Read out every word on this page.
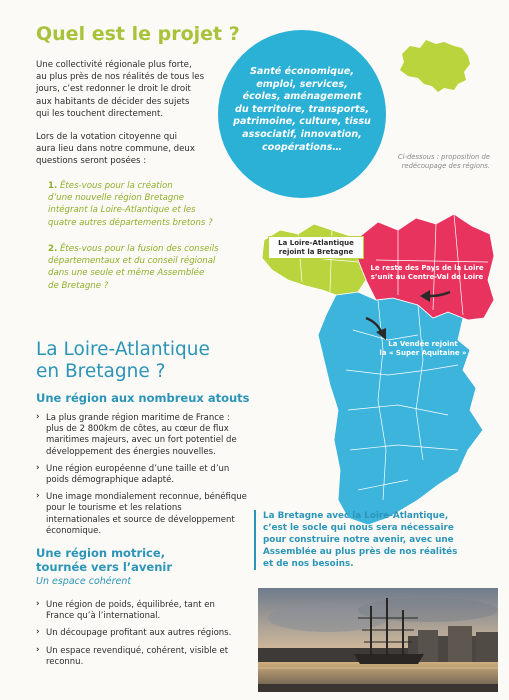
Quel est le projet ?
Une collectivité régionale plus forte,
au plus près de nos réalités de tous les
jours, c’est redonner le droit le droit
aux habitants de décider des sujets
qui les touchent directement.
Lors de la votation citoyenne qui
aura lieu dans notre commune, deux
questions seront posées :
1. Êtes-vous pour la création
d’une nouvelle région Bretagne
intégrant la Loire-Atlantique et les
quatre autres départements bretons ?
2. Êtes-vous pour la fusion des conseils
départementaux et du conseil régional
dans une seule et même Assemblée
de Bretagne ?
Santé économique,
emploi, services,
écoles, aménagement
du territoire, transports,
patrimoine, culture, tissu
associatif, innovation,
coopérations…
Ci-dessous : proposition de
redécoupage des régions.
La Loire-Atlantique
rejoint la Bretagne
Le reste des Pays de la Loire
s’unit au Centre-Val de Loire
La Vendée rejoint
la « Super Aquitaine »
La Loire-Atlantique
en Bretagne ?
Une région aux nombreux atouts
› La plus grande région maritime de France : plus de 2 800km de côtes, au cœur de flux maritimes majeurs, avec un fort potentiel de développement des énergies nouvelles.
› Une région européenne d’une taille et d’un poids démographique adapté.
› Une image mondialement reconnue, bénéfique pour le tourisme et les relations internationales et source de développement économique.
Une région motrice,
tournée vers l’avenir
Un espace cohérent
› Une région de poids, équilibrée, tant en France qu’à l’international.
› Un découpage profitant aux autres régions.
› Un espace revendiqué, cohérent, visible et reconnu.
La Bretagne avec la Loire-Atlantique,
c’est le socle qui nous sera nécessaire
pour construire notre avenir, avec une
Assemblée au plus près de nos réalités
et de nos besoins.
